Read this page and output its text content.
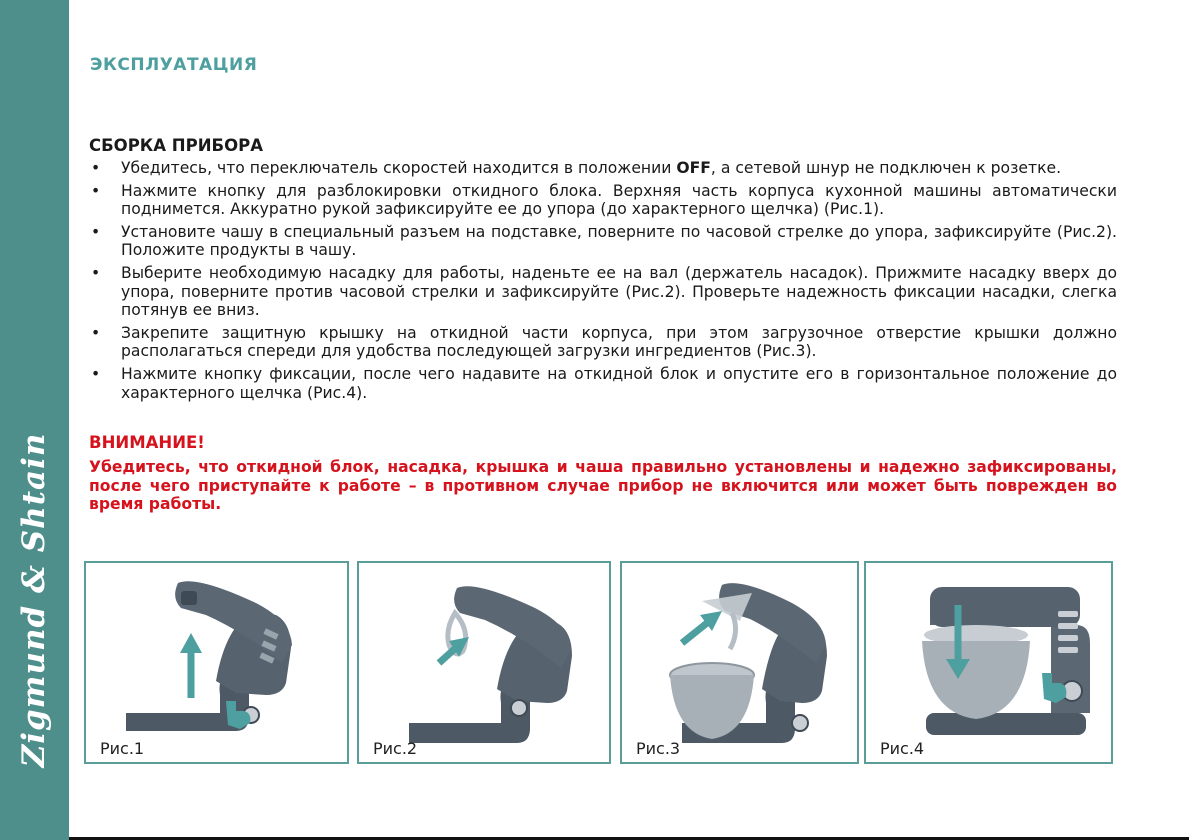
Zigmund & Shtain
ЭКСПЛУАТАЦИЯ
СБОРКА ПРИБОРА
• Убедитесь, что переключатель скоростей находится в положении OFF, а сетевой шнур не подключен к розетке.
• Нажмите кнопку для разблокировки откидного блока. Верхняя часть корпуса кухонной машины автоматически поднимется. Аккуратно рукой зафиксируйте ее до упора (до характерного щелчка) (Рис.1).
• Установите чашу в специальный разъем на подставке, поверните по часовой стрелке до упора, зафиксируйте (Рис.2). Положите продукты в чашу.
• Выберите необходимую насадку для работы, наденьте ее на вал (держатель насадок). Прижмите насадку вверх до упора, поверните против часовой стрелки и зафиксируйте (Рис.2). Проверьте надежность фиксации насадки, слегка потянув ее вниз.
• Закрепите защитную крышку на откидной части корпуса, при этом загрузочное отверстие крышки должно располагаться спереди для удобства последующей загрузки ингредиентов (Рис.3).
• Нажмите кнопку фиксации, после чего надавите на откидной блок и опустите его в горизонтальное положение до характерного щелчка (Рис.4).
ВНИМАНИЕ!
Убедитесь, что откидной блок, насадка, крышка и чаша правильно установлены и надежно зафиксированы, после чего приступайте к работе – в противном случае прибор не включится или может быть поврежден во время работы.
Рис.1	Рис.2	Рис.3	Рис.4
